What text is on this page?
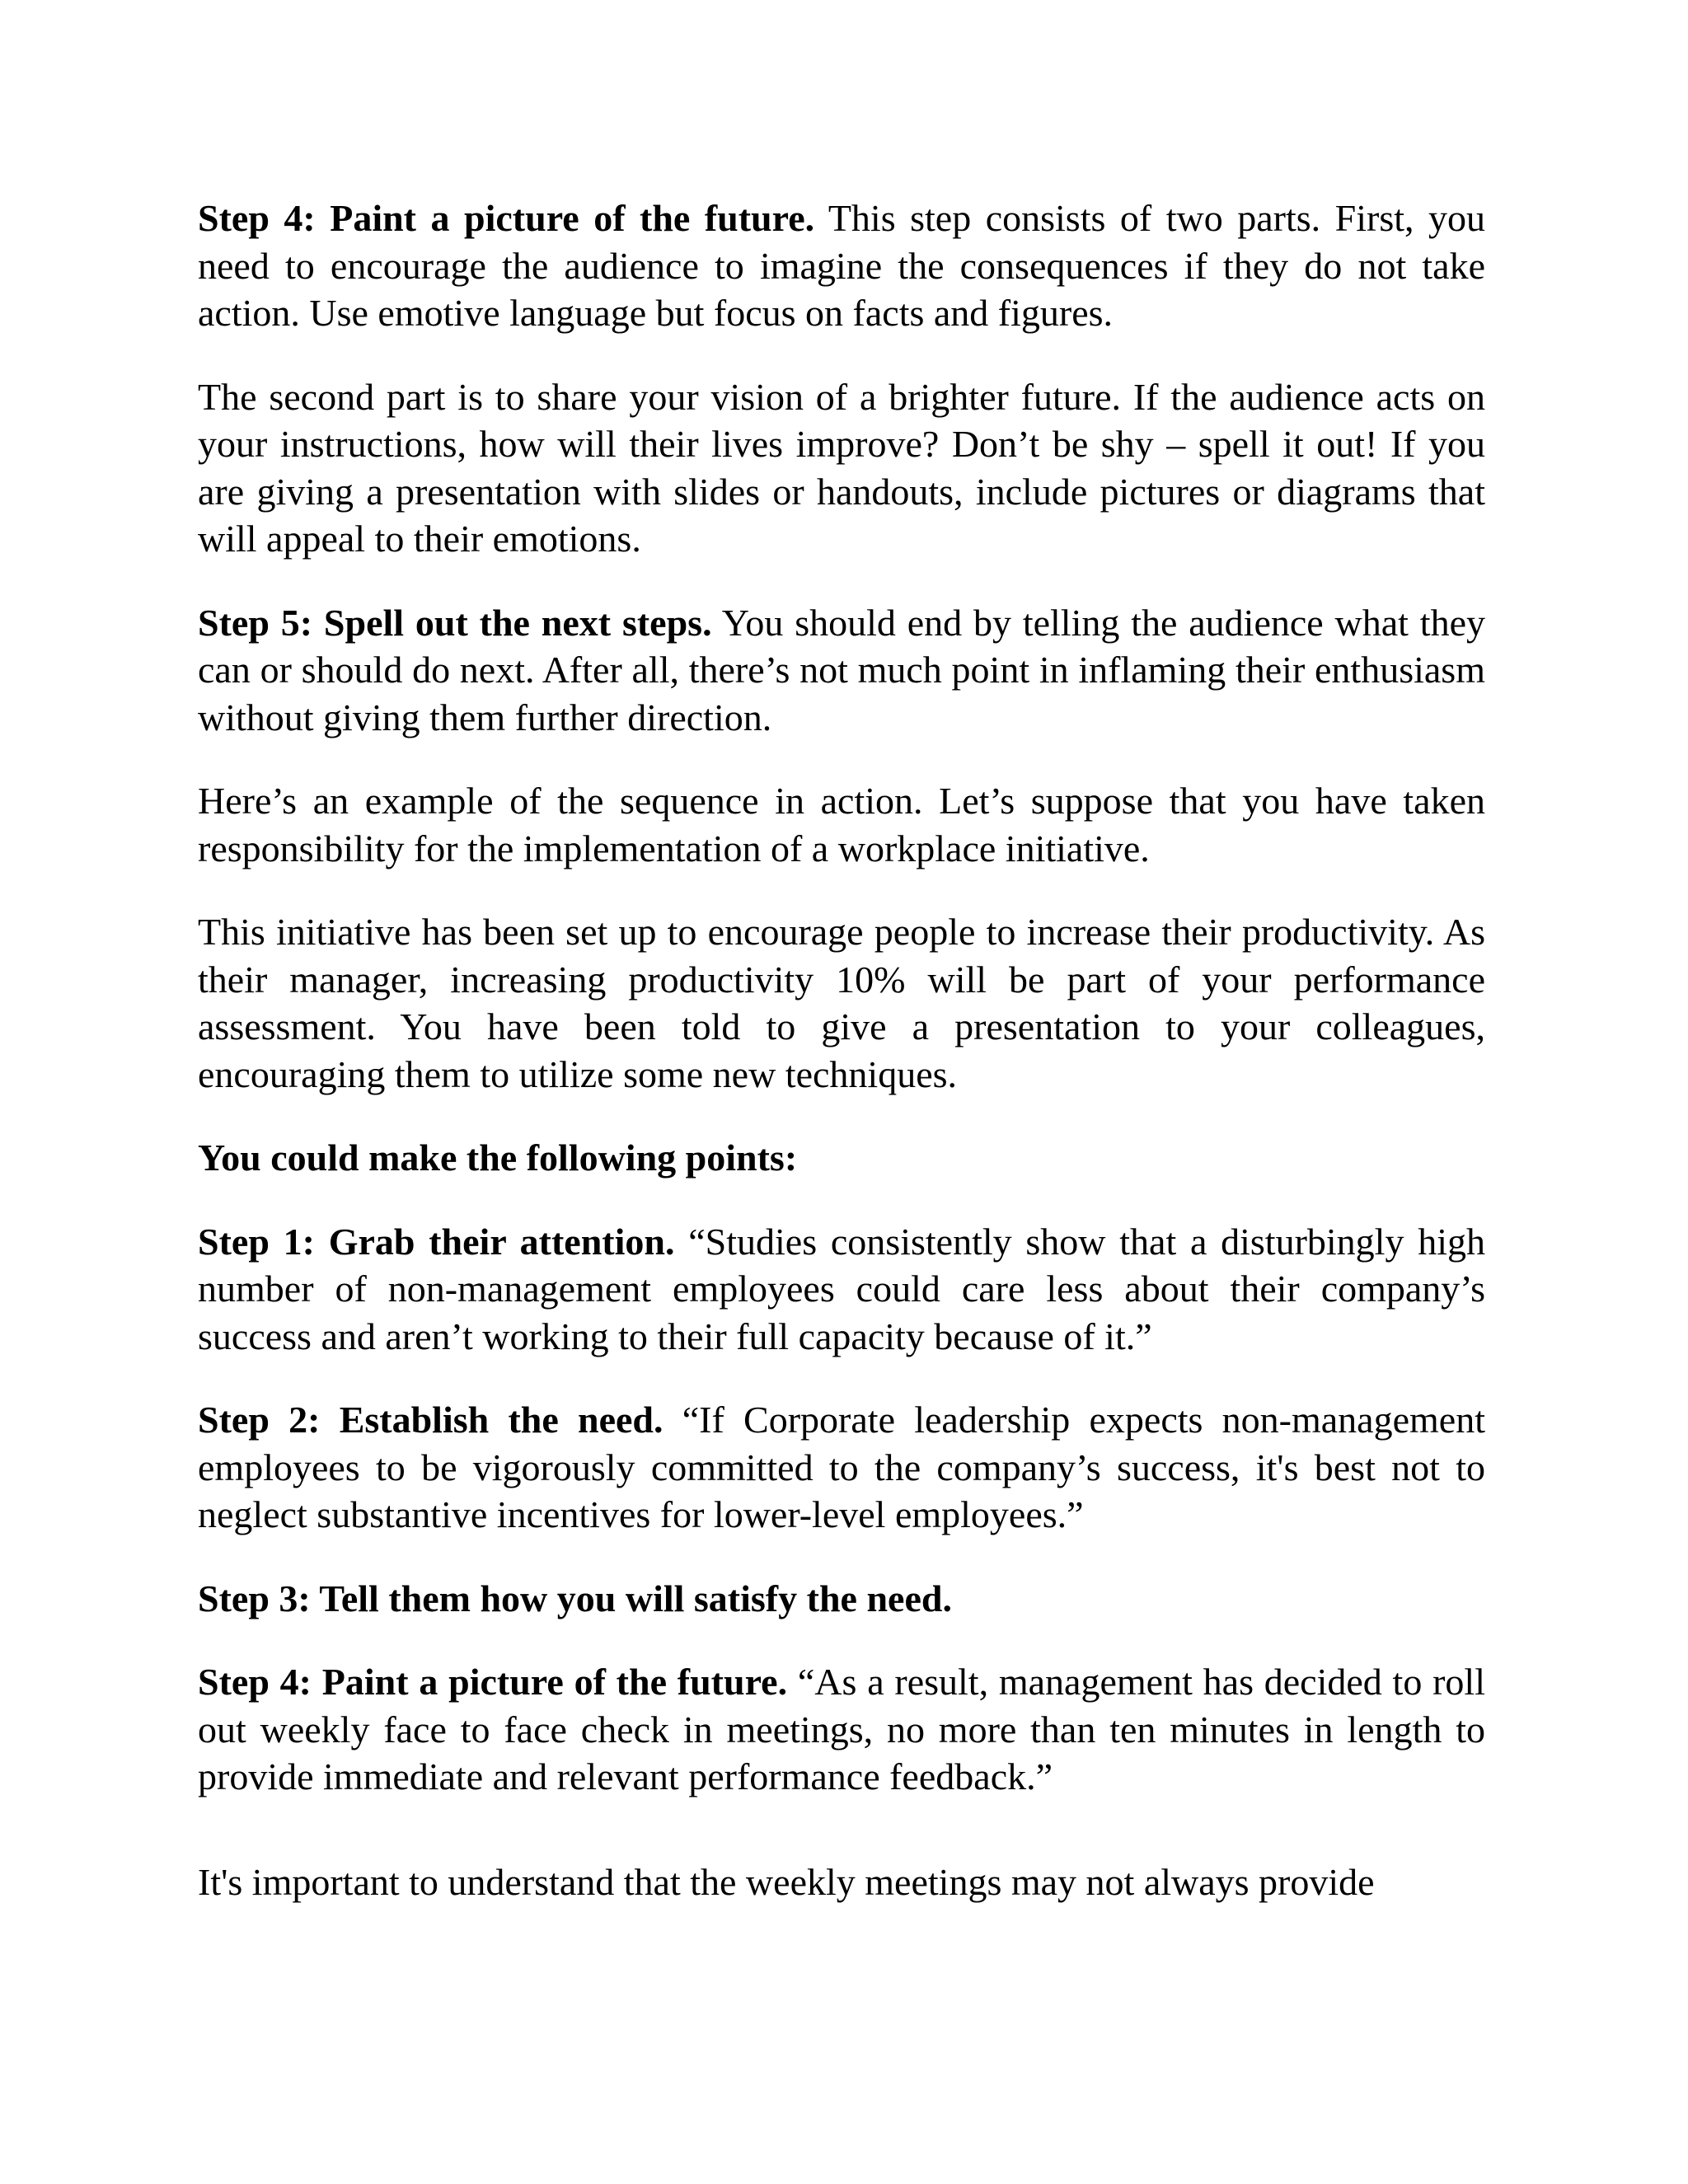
Step 4: Paint a picture of the future. This step consists of two parts. First, you need to encourage the audience to imagine the consequences if they do not take action. Use emotive language but focus on facts and figures.

The second part is to share your vision of a brighter future. If the audience acts on your instructions, how will their lives improve? Don’t be shy – spell it out! If you are giving a presentation with slides or handouts, include pictures or diagrams that will appeal to their emotions.

Step 5: Spell out the next steps. You should end by telling the audience what they can or should do next. After all, there’s not much point in inflaming their enthusiasm without giving them further direction.

Here’s an example of the sequence in action. Let’s suppose that you have taken responsibility for the implementation of a workplace initiative.

This initiative has been set up to encourage people to increase their productivity. As their manager, increasing productivity 10% will be part of your performance assessment. You have been told to give a presentation to your colleagues, encouraging them to utilize some new techniques.

You could make the following points:

Step 1: Grab their attention. “Studies consistently show that a disturbingly high number of non-management employees could care less about their company’s success and aren’t working to their full capacity because of it.”

Step 2: Establish the need. “If Corporate leadership expects non-management employees to be vigorously committed to the company’s success, it's best not to neglect substantive incentives for lower-level employees.”

Step 3: Tell them how you will satisfy the need.

Step 4: Paint a picture of the future. “As a result, management has decided to roll out weekly face to face check in meetings, no more than ten minutes in length to provide immediate and relevant performance feedback.”

It's important to understand that the weekly meetings may not always provide
